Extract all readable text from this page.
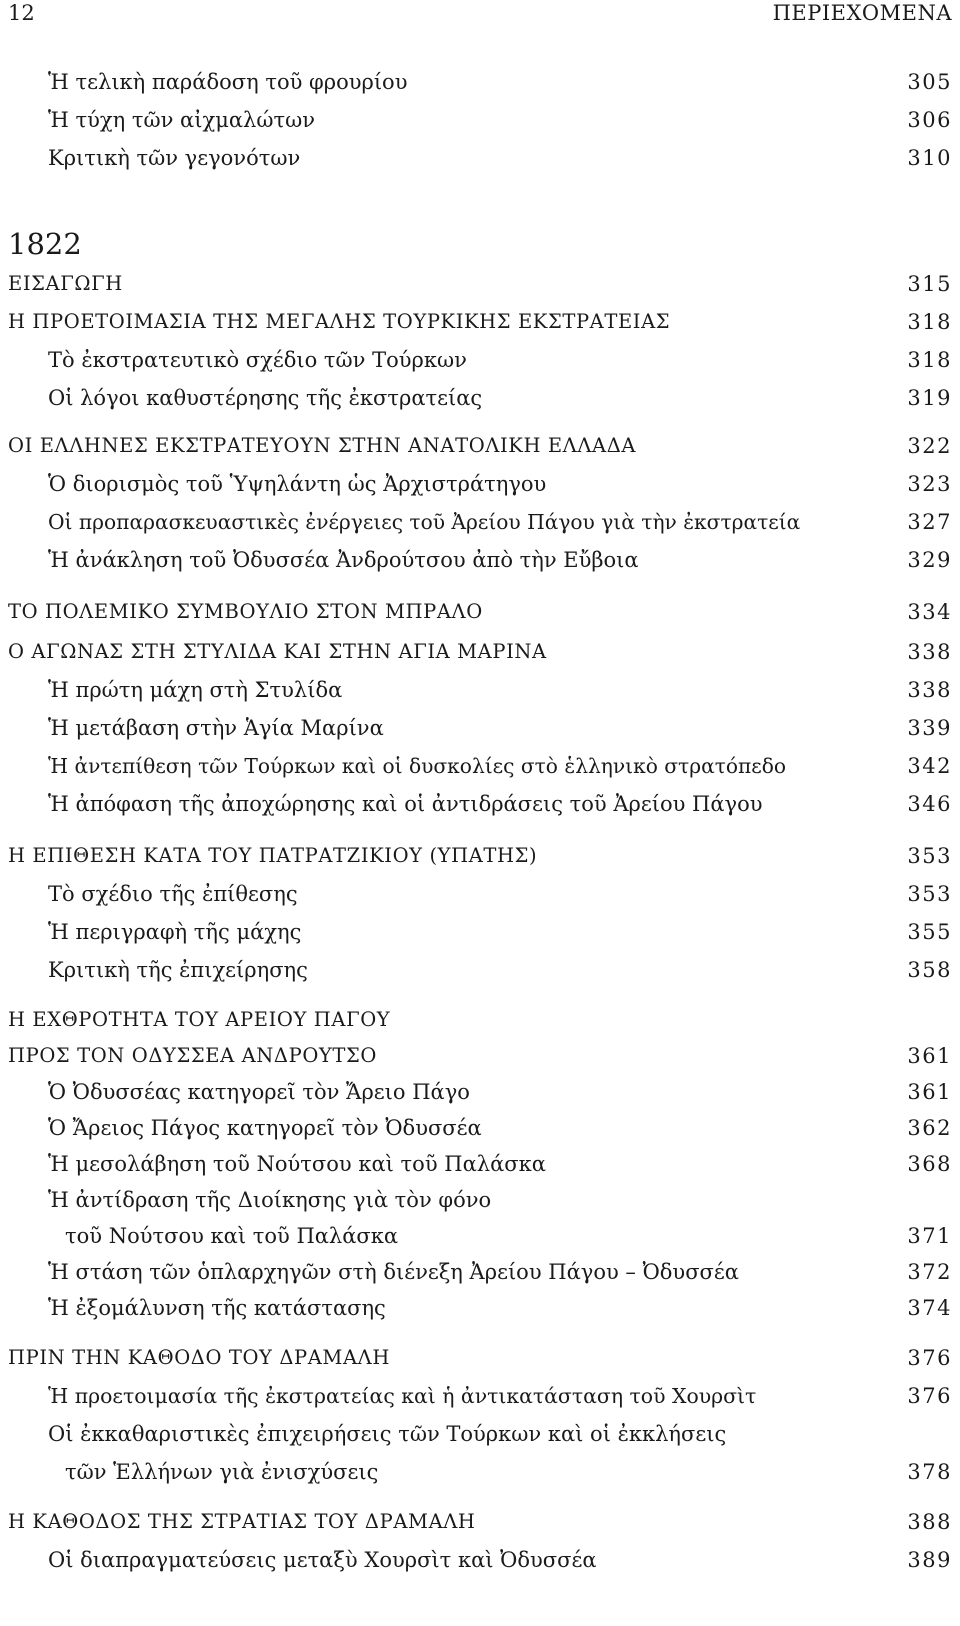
12	ΠΕΡΙΕΧΟΜΕΝΑ
Ἡ τελικὴ παράδοση τοῦ φρουρίου	305
Ἡ τύχη τῶν αἰχμαλώτων	306
Κριτικὴ τῶν γεγονότων	310
1822
ΕΙΣΑΓΩΓΗ	315
Η ΠΡΟΕΤΟΙΜΑΣΙΑ ΤΗΣ ΜΕΓΑΛΗΣ ΤΟΥΡΚΙΚΗΣ ΕΚΣΤΡΑΤΕΙΑΣ	318
Τὸ ἐκστρατευτικὸ σχέδιο τῶν Τούρκων	318
Οἱ λόγοι καθυστέρησης τῆς ἐκστρατείας	319
ΟΙ ΕΛΛΗΝΕΣ ΕΚΣΤΡΑΤΕΥΟΥΝ ΣΤΗΝ ΑΝΑΤΟΛΙΚΗ ΕΛΛΑΔΑ	322
Ὁ διορισμὸς τοῦ Ὑψηλάντη ὡς Ἀρχιστράτηγου	323
Οἱ προπαρασκευαστικὲς ἐνέργειες τοῦ Ἀρείου Πάγου γιὰ τὴν ἐκστρατεία	327
Ἡ ἀνάκληση τοῦ Ὀδυσσέα Ἀνδρούτσου ἀπὸ τὴν Εὔβοια	329
ΤΟ ΠΟΛΕΜΙΚΟ ΣΥΜΒΟΥΛΙΟ ΣΤΟΝ ΜΠΡΑΛΟ	334
Ο ΑΓΩΝΑΣ ΣΤΗ ΣΤΥΛΙΔΑ ΚΑΙ ΣΤΗΝ ΑΓΙΑ ΜΑΡΙΝΑ	338
Ἡ πρώτη μάχη στὴ Στυλίδα	338
Ἡ μετάβαση στὴν Ἁγία Μαρίνα	339
Ἡ ἀντεπίθεση τῶν Τούρκων καὶ οἱ δυσκολίες στὸ ἑλληνικὸ στρατόπεδο	342
Ἡ ἀπόφαση τῆς ἀποχώρησης καὶ οἱ ἀντιδράσεις τοῦ Ἀρείου Πάγου	346
Η ΕΠΙΘΕΣΗ ΚΑΤΑ ΤΟΥ ΠΑΤΡΑΤΖΙΚΙΟΥ (ΥΠΑΤΗΣ)	353
Τὸ σχέδιο τῆς ἐπίθεσης	353
Ἡ περιγραφὴ τῆς μάχης	355
Κριτικὴ τῆς ἐπιχείρησης	358
Η ΕΧΘΡΟΤΗΤΑ ΤΟΥ ΑΡΕΙΟΥ ΠΑΓΟΥ
ΠΡΟΣ ΤΟΝ ΟΔΥΣΣΕΑ ΑΝΔΡΟΥΤΣΟ	361
Ὁ Ὀδυσσέας κατηγορεῖ τὸν Ἄρειο Πάγο	361
Ὁ Ἄρειος Πάγος κατηγορεῖ τὸν Ὀδυσσέα	362
Ἡ μεσολάβηση τοῦ Νούτσου καὶ τοῦ Παλάσκα	368
Ἡ ἀντίδραση τῆς Διοίκησης γιὰ τὸν φόνο
τοῦ Νούτσου καὶ τοῦ Παλάσκα	371
Ἡ στάση τῶν ὁπλαρχηγῶν στὴ διένεξη Ἀρείου Πάγου – Ὀδυσσέα	372
Ἡ ἐξομάλυνση τῆς κατάστασης	374
ΠΡΙΝ ΤΗΝ ΚΑΘΟΔΟ ΤΟΥ ΔΡΑΜΑΛΗ	376
Ἡ προετοιμασία τῆς ἐκστρατείας καὶ ἡ ἀντικατάσταση τοῦ Χουρσὶτ	376
Οἱ ἐκκαθαριστικὲς ἐπιχειρήσεις τῶν Τούρκων καὶ οἱ ἐκκλήσεις
τῶν Ἑλλήνων γιὰ ἐνισχύσεις	378
Η ΚΑΘΟΔΟΣ ΤΗΣ ΣΤΡΑΤΙΑΣ ΤΟΥ ΔΡΑΜΑΛΗ	388
Οἱ διαπραγματεύσεις μεταξὺ Χουρσὶτ καὶ Ὀδυσσέα	389
